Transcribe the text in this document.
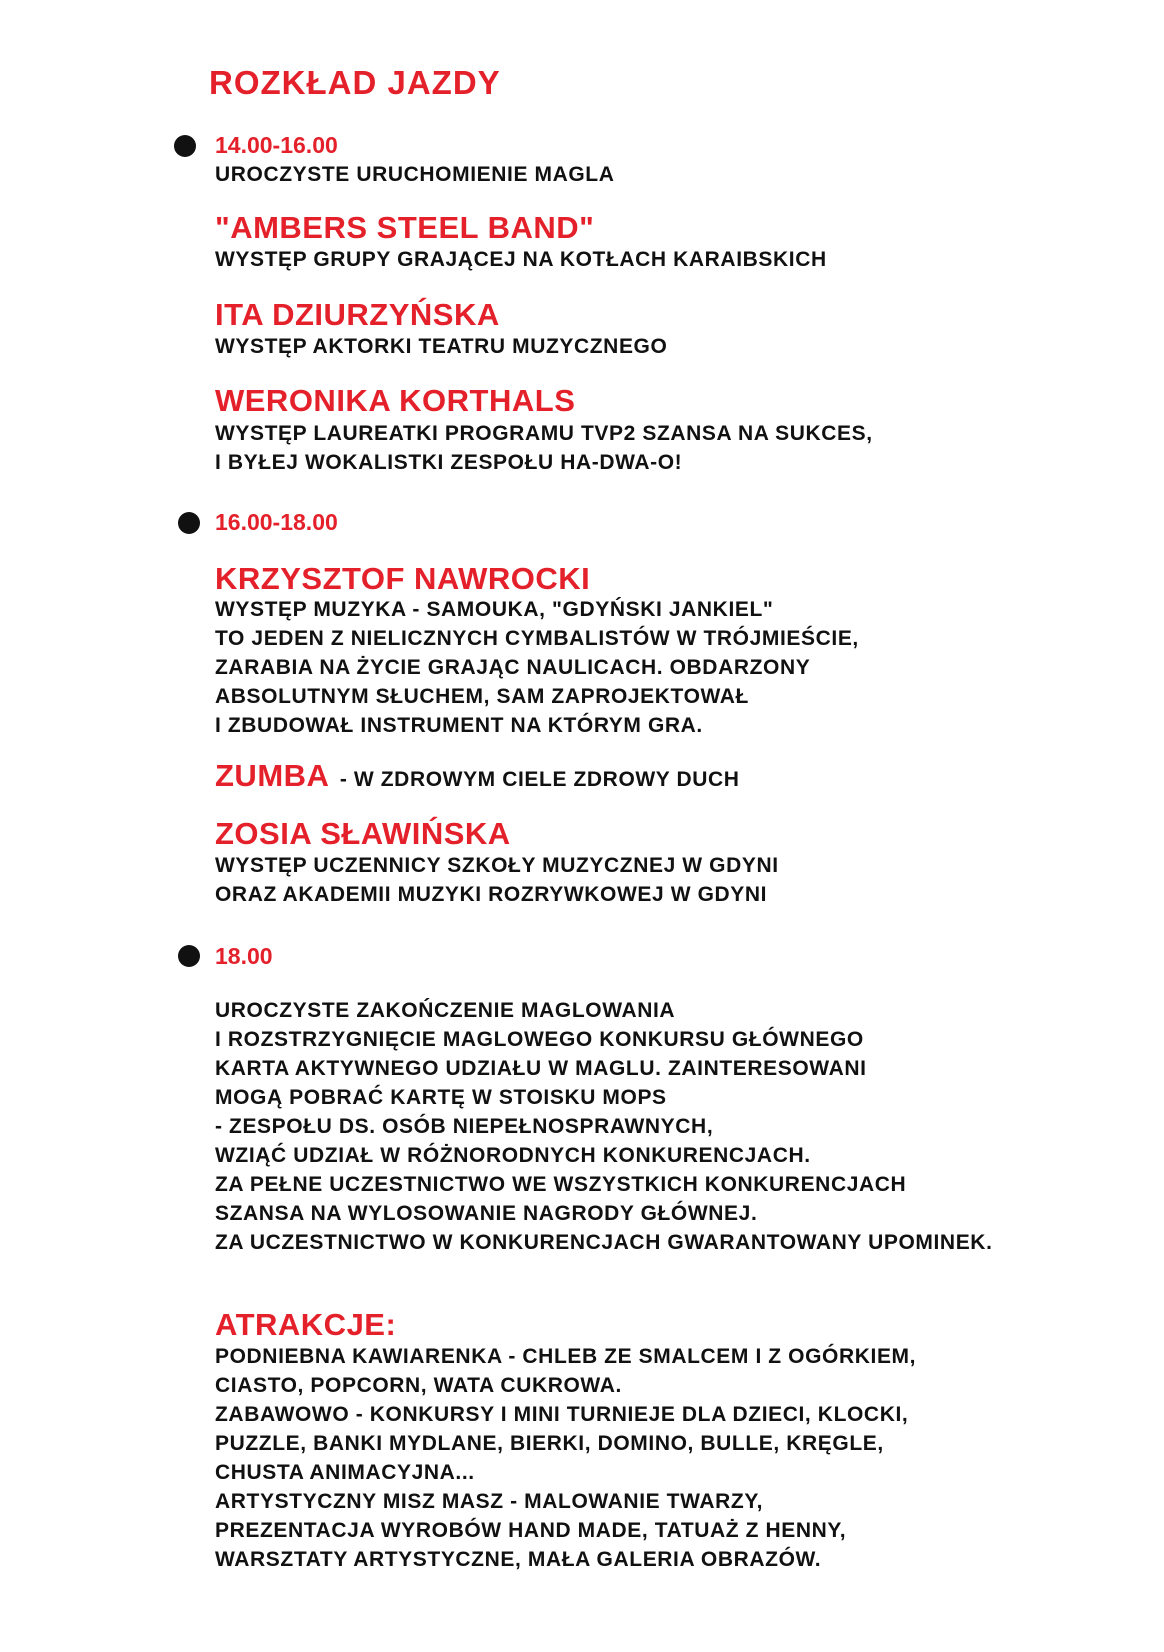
ROZKŁAD JAZDY
14.00-16.00
UROCZYSTE URUCHOMIENIE MAGLA
"AMBERS STEEL BAND"
WYSTĘP GRUPY GRAJĄCEJ NA KOTŁACH KARAIBSKICH
ITA DZIURZYŃSKA
WYSTĘP AKTORKI TEATRU MUZYCZNEGO
WERONIKA KORTHALS
WYSTĘP LAUREATKI PROGRAMU TVP2 SZANSA NA SUKCES,
I BYŁEJ WOKALISTKI ZESPOŁU HA-DWA-O!
16.00-18.00
KRZYSZTOF NAWROCKI
WYSTĘP MUZYKA - SAMOUKA, "GDYŃSKI JANKIEL"
TO JEDEN Z NIELICZNYCH CYMBALISTÓW W TRÓJMIEŚCIE,
ZARABIA NA ŻYCIE GRAJĄC NAULICACH. OBDARZONY
ABSOLUTNYM SŁUCHEM, SAM ZAPROJEKTOWAŁ
I ZBUDOWAŁ INSTRUMENT NA KTÓRYM GRA.
ZUMBA - W ZDROWYM CIELE ZDROWY DUCH
ZOSIA SŁAWIŃSKA
WYSTĘP UCZENNICY SZKOŁY MUZYCZNEJ W GDYNI
ORAZ AKADEMII MUZYKI ROZRYWKOWEJ W GDYNI
18.00
UROCZYSTE ZAKOŃCZENIE MAGLOWANIA
I ROZSTRZYGNIĘCIE MAGLOWEGO KONKURSU GŁÓWNEGO
KARTA AKTYWNEGO UDZIAŁU W MAGLU. ZAINTERESOWANI
MOGĄ POBRAĆ KARTĘ W STOISKU MOPS
- ZESPOŁU DS. OSÓB NIEPEŁNOSPRAWNYCH,
WZIĄĆ UDZIAŁ W RÓŻNORODNYCH KONKURENCJACH.
ZA PEŁNE UCZESTNICTWO WE WSZYSTKICH KONKURENCJACH
SZANSA NA WYLOSOWANIE NAGRODY GŁÓWNEJ.
ZA UCZESTNICTWO W KONKURENCJACH GWARANTOWANY UPOMINEK.
ATRAKCJE:
PODNIEBNA KAWIARENKA - CHLEB ZE SMALCEM I Z OGÓRKIEM,
CIASTO, POPCORN, WATA CUKROWA.
ZABAWOWO - KONKURSY I MINI TURNIEJE DLA DZIECI, KLOCKI,
PUZZLE, BANKI MYDLANE, BIERKI, DOMINO, BULLE, KRĘGLE,
CHUSTA ANIMACYJNA...
ARTYSTYCZNY MISZ MASZ - MALOWANIE TWARZY,
PREZENTACJA WYROBÓW HAND MADE, TATUAŻ Z HENNY,
WARSZTATY ARTYSTYCZNE, MAŁA GALERIA OBRAZÓW.
